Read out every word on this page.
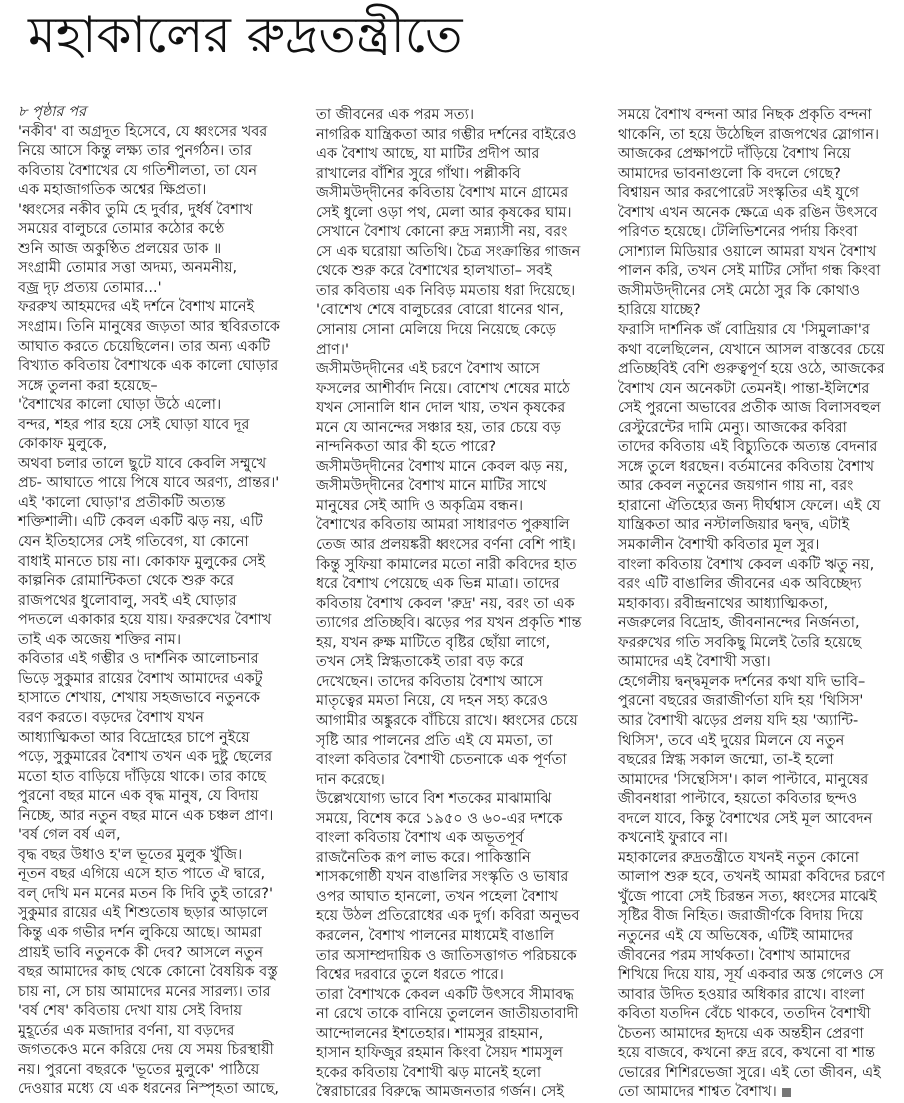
মহাকালের রুদ্রতন্ত্রীতে
৮ পৃষ্ঠার পর
'নকীব' বা অগ্রদূত হিসেবে, যে ধ্বংসের খবর
নিয়ে আসে কিন্তু লক্ষ্য তার পুনর্গঠন। তার
কবিতায় বৈশাখের যে গতিশীলতা, তা যেন
এক মহাজাগতিক অশ্বের ক্ষিপ্রতা।
'ধ্বংসের নকীব তুমি হে দুর্বার, দুর্ধর্ষ বৈশাখ
সময়ের বালুচরে তোমার কঠোর কণ্ঠে
শুনি আজ অকুণ্ঠিত প্রলয়ের ডাক ॥
সংগ্রামী তোমার সত্তা অদম্য, অনমনীয়,
বজ্র দৃঢ় প্রত্যয় তোমার...'
ফররুখ আহমদের এই দর্শনে বৈশাখ মানেই
সংগ্রাম। তিনি মানুষের জড়তা আর স্থবিরতাকে
আঘাত করতে চেয়েছিলেন। তার অন্য একটি
বিখ্যাত কবিতায় বৈশাখকে এক কালো ঘোড়ার
সঙ্গে তুলনা করা হয়েছে–
'বৈশাখের কালো ঘোড়া উঠে এলো।
বন্দর, শহর পার হয়ে সেই ঘোড়া যাবে দূর
কোকাফ মুলুকে,
অথবা চলার তালে ছুটে যাবে কেবলি সম্মুখে
প্রচ- আঘাতে পায়ে পিষে যাবে অরণ্য, প্রান্তর।'
এই 'কালো ঘোড়া'র প্রতীকটি অত্যন্ত
শক্তিশালী। এটি কেবল একটি ঝড় নয়, এটি
যেন ইতিহাসের সেই গতিবেগ, যা কোনো
বাধাই মানতে চায় না। কোকাফ মুলুকের সেই
কাল্পনিক রোমান্টিকতা থেকে শুরু করে
রাজপথের ধুলোবালু, সবই এই ঘোড়ার
পদতলে একাকার হয়ে যায়। ফররুখের বৈশাখ
তাই এক অজেয় শক্তির নাম।
কবিতার এই গম্ভীর ও দার্শনিক আলোচনার
ভিড়ে সুকুমার রায়ের বৈশাখ আমাদের একটু
হাসাতে শেখায়, শেখায় সহজভাবে নতুনকে
বরণ করতে। বড়দের বৈশাখ যখন
আধ্যাত্মিকতা আর বিদ্রোহের চাপে নুইয়ে
পড়ে, সুকুমারের বৈশাখ তখন এক দুষ্টু ছেলের
মতো হাত বাড়িয়ে দাঁড়িয়ে থাকে। তার কাছে
পুরনো বছর মানে এক বৃদ্ধ মানুষ, যে বিদায়
নিচ্ছে, আর নতুন বছর মানে এক চঞ্চল প্রাণ।
'বর্ষ গেল বর্ষ এল,
বৃদ্ধ বছর উধাও হ'ল ভূতের মুলুক খুঁজি।
নূতন বছর এগিয়ে এসে হাত পাতে ঐ দ্বারে,
বল্‌ দেখি মন মনের মতন কি দিবি তুই তারে?'
সুকুমার রায়ের এই শিশুতোষ ছড়ার আড়ালে
কিন্তু এক গভীর দর্শন লুকিয়ে আছে। আমরা
প্রায়ই ভাবি নতুনকে কী দেব? আসলে নতুন
বছর আমাদের কাছ থেকে কোনো বৈষয়িক বস্তু
চায় না, সে চায় আমাদের মনের সারল্য। তার
'বর্ষ শেষ' কবিতায় দেখা যায় সেই বিদায়
মুহূর্তের এক মজাদার বর্ণনা, যা বড়দের
জগতকেও মনে করিয়ে দেয় যে সময় চিরস্থায়ী
নয়। পুরনো বছরকে 'ভূতের মুলুকে' পাঠিয়ে
দেওয়ার মধ্যে যে এক ধরনের নিস্পৃহতা আছে,
তা জীবনের এক পরম সত্য।
নাগরিক যান্ত্রিকতা আর গম্ভীর দর্শনের বাইরেও
এক বৈশাখ আছে, যা মাটির প্রদীপ আর
রাখালের বাঁশির সুরে গাঁথা। পল্লীকবি
জসীমউদ্‌দীনের কবিতায় বৈশাখ মানে গ্রামের
সেই ধুলো ওড়া পথ, মেলা আর কৃষকের ঘাম।
সেখানে বৈশাখ কোনো রুদ্র সন্ন্যাসী নয়, বরং
সে এক ঘরোয়া অতিথি। চৈত্র সংক্রান্তির গাজন
থেকে শুরু করে বৈশাখের হালখাতা– সবই
তার কবিতায় এক নিবিড় মমতায় ধরা দিয়েছে।
'বোশেখ শেষে বালুচরের বোরো ধানের থান,
সোনায় সোনা মেলিয়ে দিয়ে নিয়েছে কেড়ে
প্রাণ।'
জসীমউদ্‌দীনের এই চরণে বৈশাখ আসে
ফসলের আশীর্বাদ নিয়ে। বোশেখ শেষের মাঠে
যখন সোনালি ধান দোল খায়, তখন কৃষকের
মনে যে আনন্দের সঞ্চার হয়, তার চেয়ে বড়
নান্দনিকতা আর কী হতে পারে?
জসীমউদ্‌দীনের বৈশাখ মানে কেবল ঝড় নয়,
জসীমউদ্‌দীনের বৈশাখ মানে মাটির সাথে
মানুষের সেই আদি ও অকৃত্রিম বন্ধন।
বৈশাখের কবিতায় আমরা সাধারণত পুরুষালি
তেজ আর প্রলয়ঙ্করী ধ্বংসের বর্ণনা বেশি পাই।
কিন্তু সুফিয়া কামালের মতো নারী কবিদের হাত
ধরে বৈশাখ পেয়েছে এক ভিন্ন মাত্রা। তাদের
কবিতায় বৈশাখ কেবল 'রুদ্র' নয়, বরং তা এক
ত্যাগের প্রতিচ্ছবি। ঝড়ের পর যখন প্রকৃতি শান্ত
হয়, যখন রুক্ষ মাটিতে বৃষ্টির ছোঁয়া লাগে,
তখন সেই স্নিগ্ধতাকেই তারা বড় করে
দেখেছেন। তাদের কবিতায় বৈশাখ আসে
মাতৃত্বের মমতা নিয়ে, যে দহন সহ্য করেও
আগামীর অঙ্কুরকে বাঁচিয়ে রাখে। ধ্বংসের চেয়ে
সৃষ্টি আর পালনের প্রতি এই যে মমতা, তা
বাংলা কবিতার বৈশাখী চেতনাকে এক পূর্ণতা
দান করেছে।
উল্লেখযোগ্য ভাবে বিশ শতকের মাঝামাঝি
সময়ে, বিশেষ করে ১৯৫০ ও ৬০-এর দশকে
বাংলা কবিতায় বৈশাখ এক অভূতপূর্ব
রাজনৈতিক রূপ লাভ করে। পাকিস্তানি
শাসকগোষ্ঠী যখন বাঙালির সংস্কৃতি ও ভাষার
ওপর আঘাত হানলো, তখন পহেলা বৈশাখ
হয়ে উঠল প্রতিরোধের এক দুর্গ। কবিরা অনুভব
করলেন, বৈশাখ পালনের মাধ্যমেই বাঙালি
তার অসাম্প্রদায়িক ও জাতিসত্তাগত পরিচয়কে
বিশ্বের দরবারে তুলে ধরতে পারে।
তারা বৈশাখকে কেবল একটি উৎসবে সীমাবদ্ধ
না রেখে তাকে বানিয়ে তুললেন জাতীয়তাবাদী
আন্দোলনের ইশতেহার। শামসুর রাহমান,
হাসান হাফিজুর রহমান কিংবা সৈয়দ শামসুল
হকের কবিতায় বৈশাখী ঝড় মানেই হলো
স্বৈরাচারের বিরুদ্ধে আমজনতার গর্জন। সেই
সময়ে বৈশাখ বন্দনা আর নিছক প্রকৃতি বন্দনা
থাকেনি, তা হয়ে উঠেছিল রাজপথের স্লোগান।
আজকের প্রেক্ষাপটে দাঁড়িয়ে বৈশাখ নিয়ে
আমাদের ভাবনাগুলো কি বদলে গেছে?
বিশ্বায়ন আর করপোরেট সংস্কৃতির এই যুগে
বৈশাখ এখন অনেক ক্ষেত্রে এক রঙিন উৎসবে
পরিণত হয়েছে। টেলিভিশনের পর্দায় কিংবা
সোশ্যাল মিডিয়ার ওয়ালে আমরা যখন বৈশাখ
পালন করি, তখন সেই মাটির সোঁদা গন্ধ কিংবা
জসীমউদ্‌দীনের সেই মেঠো সুর কি কোথাও
হারিয়ে যাচ্ছে?
ফরাসি দার্শনিক জঁ বোদ্রিয়ার যে 'সিমুলাক্রা'র
কথা বলেছিলেন, যেখানে আসল বাস্তবের চেয়ে
প্রতিচ্ছবিই বেশি গুরুত্বপূর্ণ হয়ে ওঠে, আজকের
বৈশাখ যেন অনেকটা তেমনই। পান্তা-ইলিশের
সেই পুরনো অভাবের প্রতীক আজ বিলাসবহুল
রেস্টুরেন্টের দামি মেন্যু। আজকের কবিরা
তাদের কবিতায় এই বিচ্যুতিকে অত্যন্ত বেদনার
সঙ্গে তুলে ধরছেন। বর্তমানের কবিতায় বৈশাখ
আর কেবল নতুনের জয়গান গায় না, বরং
হারানো ঐতিহ্যের জন্য দীর্ঘশ্বাস ফেলে। এই যে
যান্ত্রিকতা আর নস্টালজিয়ার দ্বন্দ্ব, এটাই
সমকালীন বৈশাখী কবিতার মূল সুর।
বাংলা কবিতায় বৈশাখ কেবল একটি ঋতু নয়,
বরং এটি বাঙালির জীবনের এক অবিচ্ছেদ্য
মহাকাব্য। রবীন্দ্রনাথের আধ্যাত্মিকতা,
নজরুলের বিদ্রোহ, জীবনানন্দের নির্জনতা,
ফররুখের গতি সবকিছু মিলেই তৈরি হয়েছে
আমাদের এই বৈশাখী সত্তা।
হেগেলীয় দ্বন্দ্বমূলক দর্শনের কথা যদি ভাবি–
পুরনো বছরের জরাজীর্ণতা যদি হয় 'থিসিস'
আর বৈশাখী ঝড়ের প্রলয় যদি হয় 'অ্যান্টি-
থিসিস', তবে এই দুয়ের মিলনে যে নতুন
বছরের স্নিগ্ধ সকাল জন্মো, তা-ই হলো
আমাদের 'সিন্থেসিস'। কাল পাল্টাবে, মানুষের
জীবনধারা পাল্টাবে, হয়তো কবিতার ছন্দও
বদলে যাবে, কিন্তু বৈশাখের সেই মূল আবেদন
কখনোই ফুরাবে না।
মহাকালের রুদ্রতন্ত্রীতে যখনই নতুন কোনো
আলাপ শুরু হবে, তখনই আমরা কবিদের চরণে
খুঁজে পাবো সেই চিরন্তন সত্য, ধ্বংসের মাঝেই
সৃষ্টির বীজ নিহিত। জরাজীর্ণকে বিদায় দিয়ে
নতুনের এই যে অভিষেক, এটিই আমাদের
জীবনের পরম সার্থকতা। বৈশাখ আমাদের
শিখিয়ে দিয়ে যায়, সূর্য একবার অস্ত গেলেও সে
আবার উদিত হওয়ার অধিকার রাখে। বাংলা
কবিতা যতদিন বেঁচে থাকবে, ততদিন বৈশাখী
চৈতন্য আমাদের হৃদয়ে এক অন্তহীন প্রেরণা
হয়ে বাজবে, কখনো রুদ্র রবে, কখনো বা শান্ত
ভোরের শিশিরভেজা সুরে। এই তো জীবন, এই
তো আমাদের শাশ্বত বৈশাখ।
